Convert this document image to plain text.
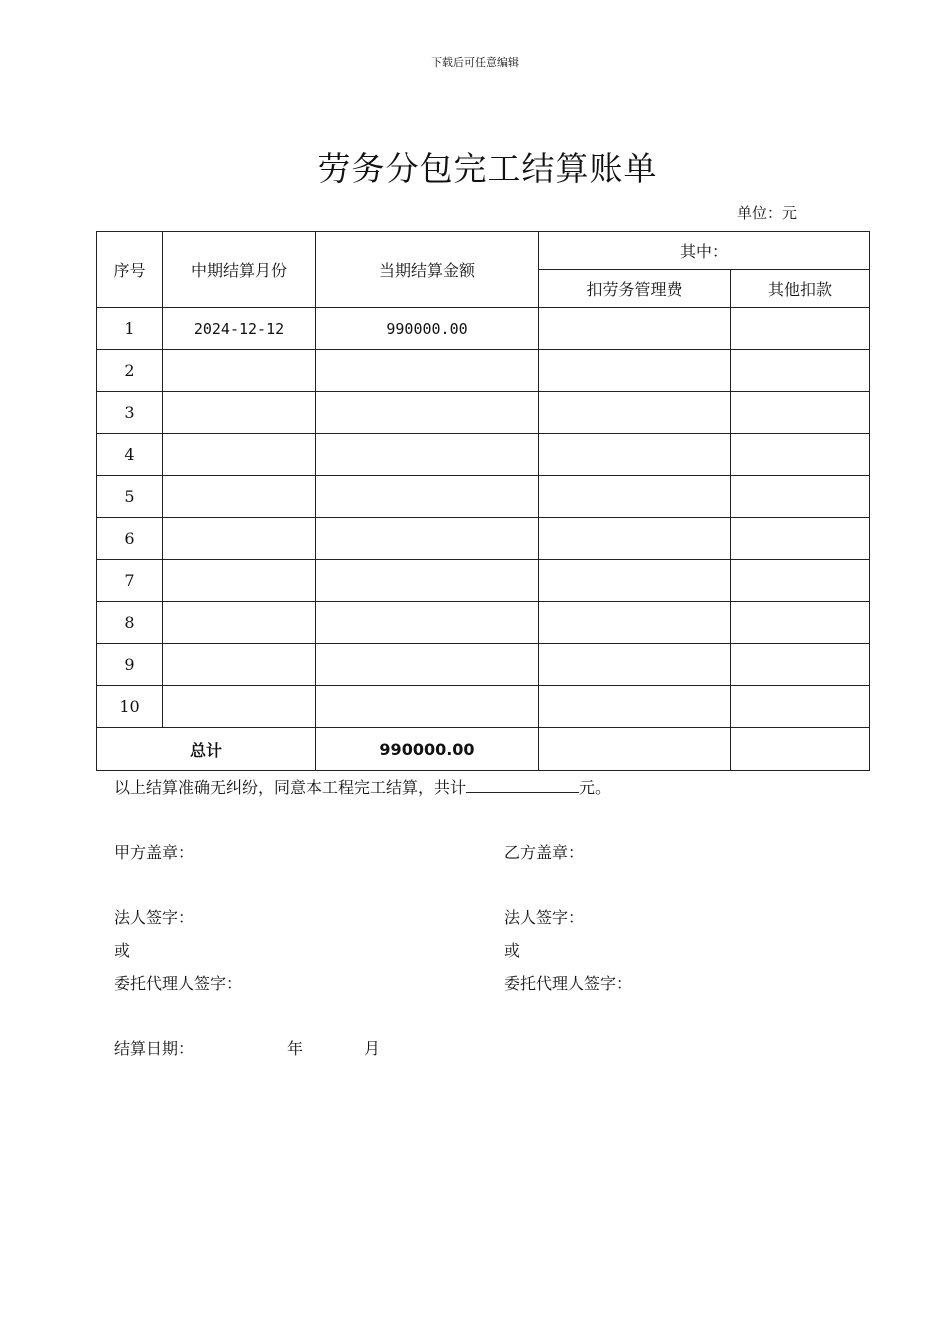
下载后可任意编辑
劳务分包完工结算账单
单位：元
序号	中期结算月份	当期结算金额	其中：	
			扣劳务管理费	其他扣款
1	2024-12-12	990000.00		
2				
3				
4				
5				
6				
7				
8				
9				
10				
总计		990000.00		
以上结算准确无纠纷，同意本工程完工结算，共计	元。
甲方盖章：	乙方盖章：
法人签字：	法人签字：
或	或
委托代理人签字：	委托代理人签字：
结算日期：	年	月
